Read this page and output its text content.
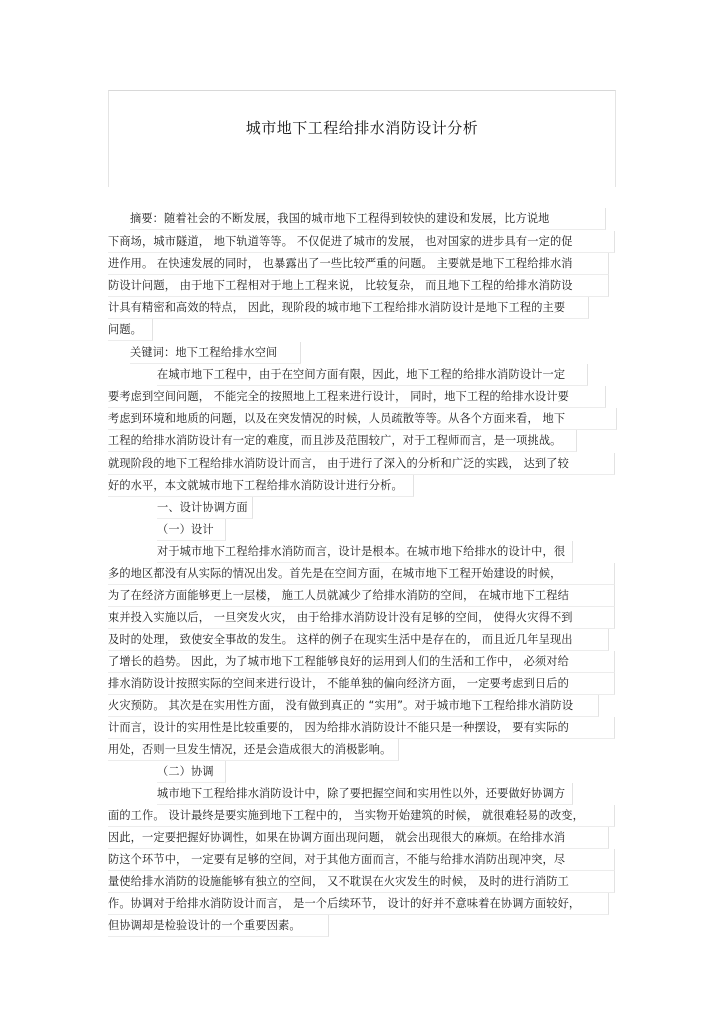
城市地下工程给排水消防设计分析
摘要：随着社会的不断发展，我国的城市地下工程得到较快的建设和发展，比方说地
下商场，城市隧道， 地下轨道等等。 不仅促进了城市的发展， 也对国家的进步具有一定的促
进作用。 在快速发展的同时， 也暴露出了一些比较严重的问题。 主要就是地下工程给排水消
防设计问题， 由于地下工程相对于地上工程来说， 比较复杂， 而且地下工程的给排水消防设
计具有精密和高效的特点， 因此，现阶段的城市地下工程给排水消防设计是地下工程的主要
问题。
关键词：地下工程给排水空间
在城市地下工程中，由于在空间方面有限，因此，地下工程的给排水消防设计一定
要考虑到空间问题， 不能完全的按照地上工程来进行设计， 同时，地下工程的给排水设计要
考虑到环境和地质的问题，以及在突发情况的时候，人员疏散等等。从各个方面来看， 地下
工程的给排水消防设计有一定的难度，而且涉及范围较广，对于工程师而言，是一项挑战。
就现阶段的地下工程给排水消防设计而言， 由于进行了深入的分析和广泛的实践， 达到了较
好的水平，本文就城市地下工程给排水消防设计进行分析。
一、设计协调方面
（一）设计
对于城市地下工程给排水消防而言，设计是根本。在城市地下给排水的设计中，很
多的地区都没有从实际的情况出发。首先是在空间方面，在城市地下工程开始建设的时候，
为了在经济方面能够更上一层楼， 施工人员就减少了给排水消防的空间， 在城市地下工程结
束并投入实施以后， 一旦突发火灾， 由于给排水消防设计没有足够的空间， 使得火灾得不到
及时的处理， 致使安全事故的发生。 这样的例子在现实生活中是存在的， 而且近几年呈现出
了增长的趋势。 因此，为了城市地下工程能够良好的运用到人们的生活和工作中， 必须对给
排水消防设计按照实际的空间来进行设计， 不能单独的偏向经济方面， 一定要考虑到日后的
火灾预防。 其次是在实用性方面， 没有做到真正的 “实用”。对于城市地下工程给排水消防设
计而言，设计的实用性是比较重要的， 因为给排水消防设计不能只是一种摆设， 要有实际的
用处，否则一旦发生情况，还是会造成很大的消极影响。
（二）协调
城市地下工程给排水消防设计中，除了要把握空间和实用性以外，还要做好协调方
面的工作。 设计最终是要实施到地下工程中的， 当实物开始建筑的时候， 就很难轻易的改变，
因此，一定要把握好协调性，如果在协调方面出现问题， 就会出现很大的麻烦。在给排水消
防这个环节中， 一定要有足够的空间，对于其他方面而言，不能与给排水消防出现冲突，尽
量使给排水消防的设施能够有独立的空间， 又不耽误在火灾发生的时候， 及时的进行消防工
作。协调对于给排水消防设计而言， 是一个后续环节， 设计的好并不意味着在协调方面较好，
但协调却是检验设计的一个重要因素。
